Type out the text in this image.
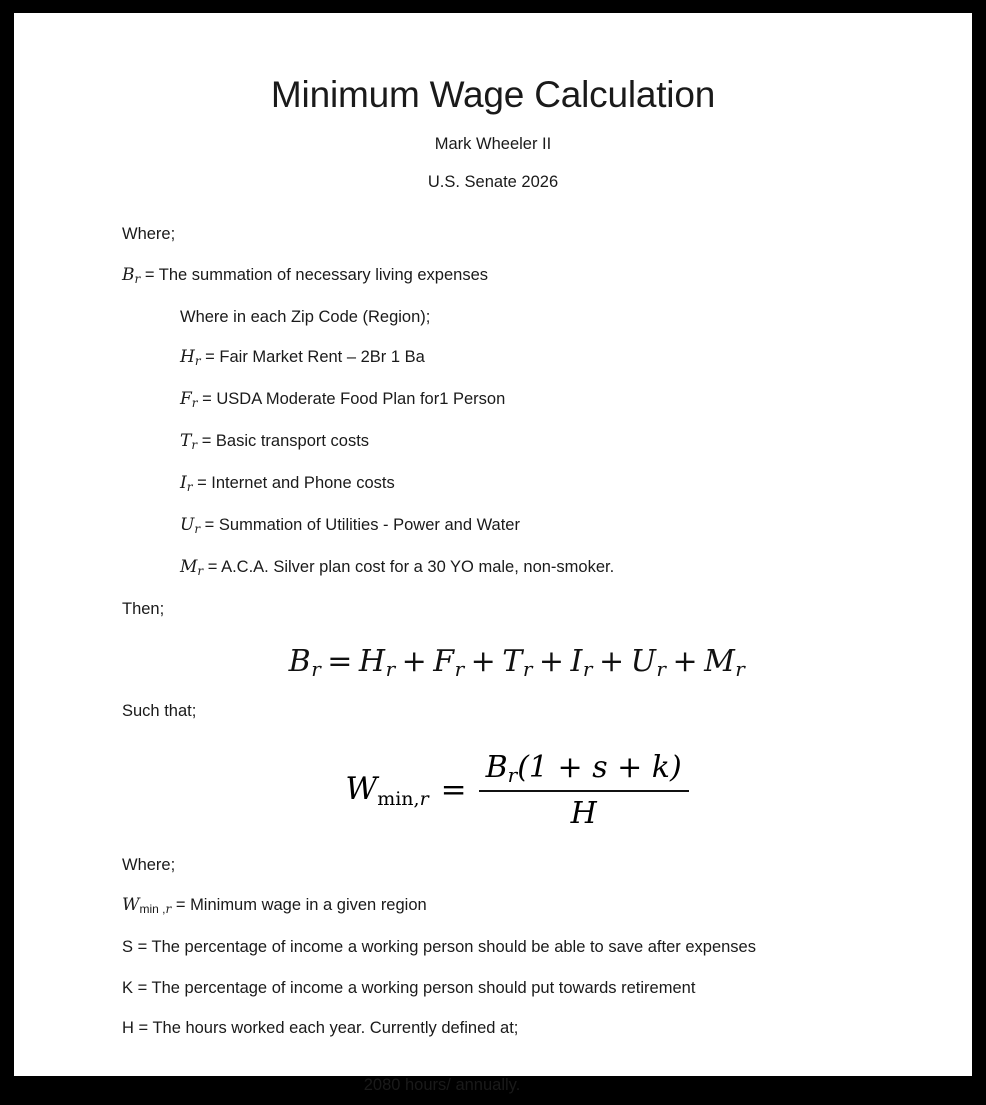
Minimum Wage Calculation

Mark Wheeler II

U.S. Senate 2026

Where;

$B_r$ = The summation of necessary living expenses

Where in each Zip Code (Region);

$H_r$ = Fair Market Rent – 2Br 1 Ba

$F_r$ = USDA Moderate Food Plan for1 Person

$T_r$ = Basic transport costs

$I_r$ = Internet and Phone costs

$U_r$ = Summation of Utilities - Power and Water

$M_r = A.C.A$. Silver plan cost for a 30 YO male, non-smoker.

Then;

Br = Hr + Fr + Tr + Ir + Ur + Mr

Such that;

$Wmin,r = \frac{Br(1 + s + k)}{H}$

Where;

Wmin $,_r$ = Minimum wage in a given region

S = The percentage of income a working person should be able to save after expenses

K = The percentage of income a working person should put towards retirement

H = The hours worked each year. Currently defined at;

2080 hours/ annually.
